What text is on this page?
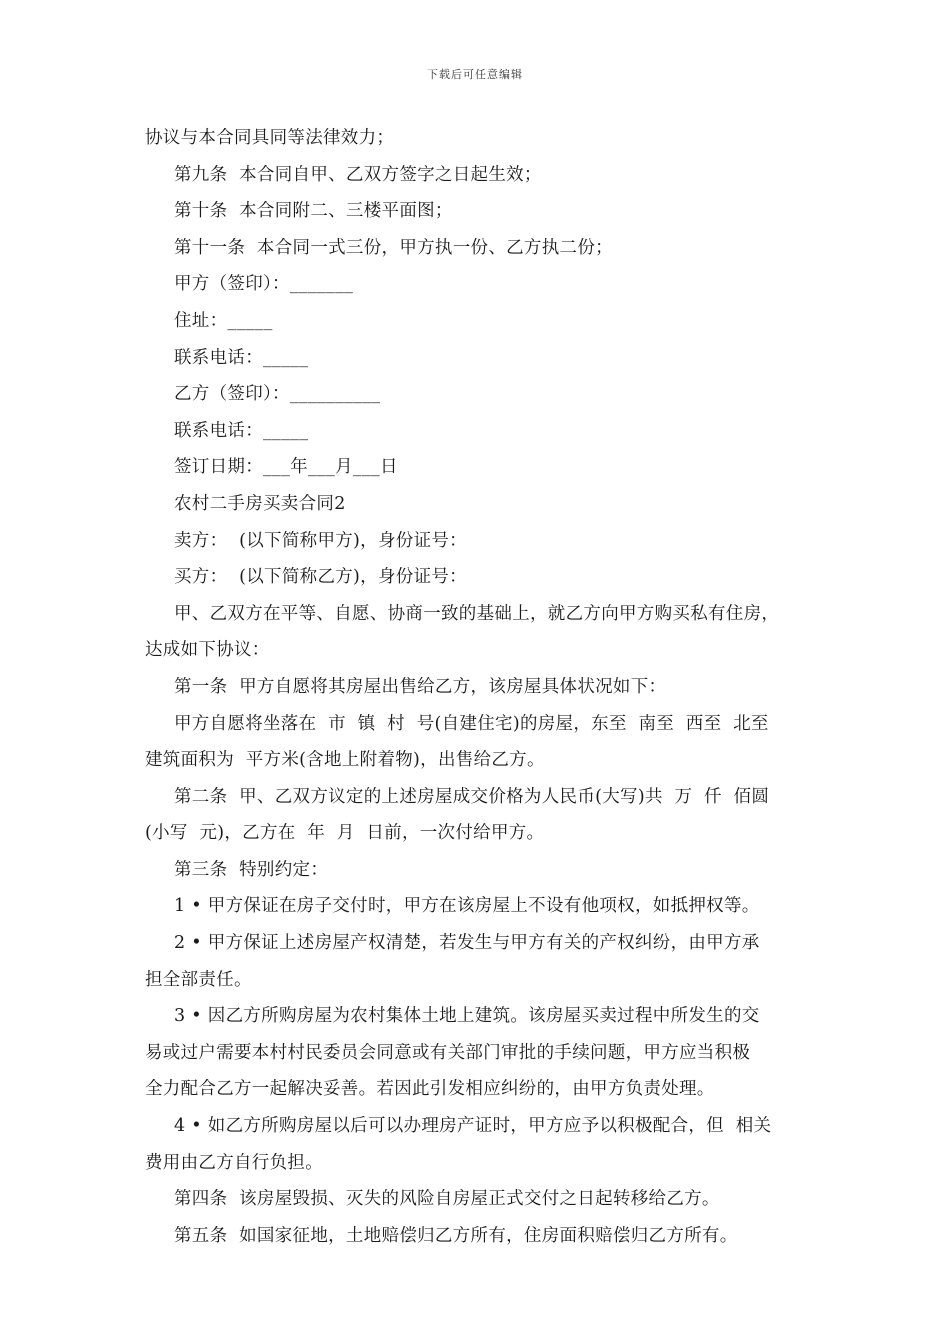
下载后可任意编辑
协议与本合同具同等法律效力；
第九条  本合同自甲、乙双方签字之日起生效；
第十条  本合同附二、三楼平面图；
第十一条  本合同一式三份，甲方执一份、乙方执二份；
甲方（签印）：_______
住址：_____
联系电话：_____
乙方（签印）：__________
联系电话：_____
签订日期：___年___月___日
农村二手房买卖合同2
卖方：  (以下简称甲方)，身份证号：
买方：  (以下简称乙方)，身份证号：
甲、乙双方在平等、自愿、协商一致的基础上，就乙方向甲方购买私有住房，
达成如下协议：
第一条  甲方自愿将其房屋出售给乙方，该房屋具体状况如下：
甲方自愿将坐落在  市  镇  村  号(自建住宅)的房屋，东至  南至  西至  北至
建筑面积为  平方米(含地上附着物)，出售给乙方。
第二条  甲、乙双方议定的上述房屋成交价格为人民币(大写)共  万  仟  佰圆
(小写  元)，乙方在  年  月  日前，一次付给甲方。
第三条  特别约定：
1 • 甲方保证在房子交付时，甲方在该房屋上不设有他项权，如抵押权等。
2 • 甲方保证上述房屋产权清楚，若发生与甲方有关的产权纠纷，由甲方承
担全部责任。
3 • 因乙方所购房屋为农村集体土地上建筑。该房屋买卖过程中所发生的交
易或过户需要本村村民委员会同意或有关部门审批的手续问题，甲方应当积极
全力配合乙方一起解决妥善。若因此引发相应纠纷的，由甲方负责处理。
4 • 如乙方所购房屋以后可以办理房产证时，甲方应予以积极配合，但  相关
费用由乙方自行负担。
第四条  该房屋毁损、灭失的风险自房屋正式交付之日起转移给乙方。
第五条  如国家征地，土地赔偿归乙方所有，住房面积赔偿归乙方所有。
